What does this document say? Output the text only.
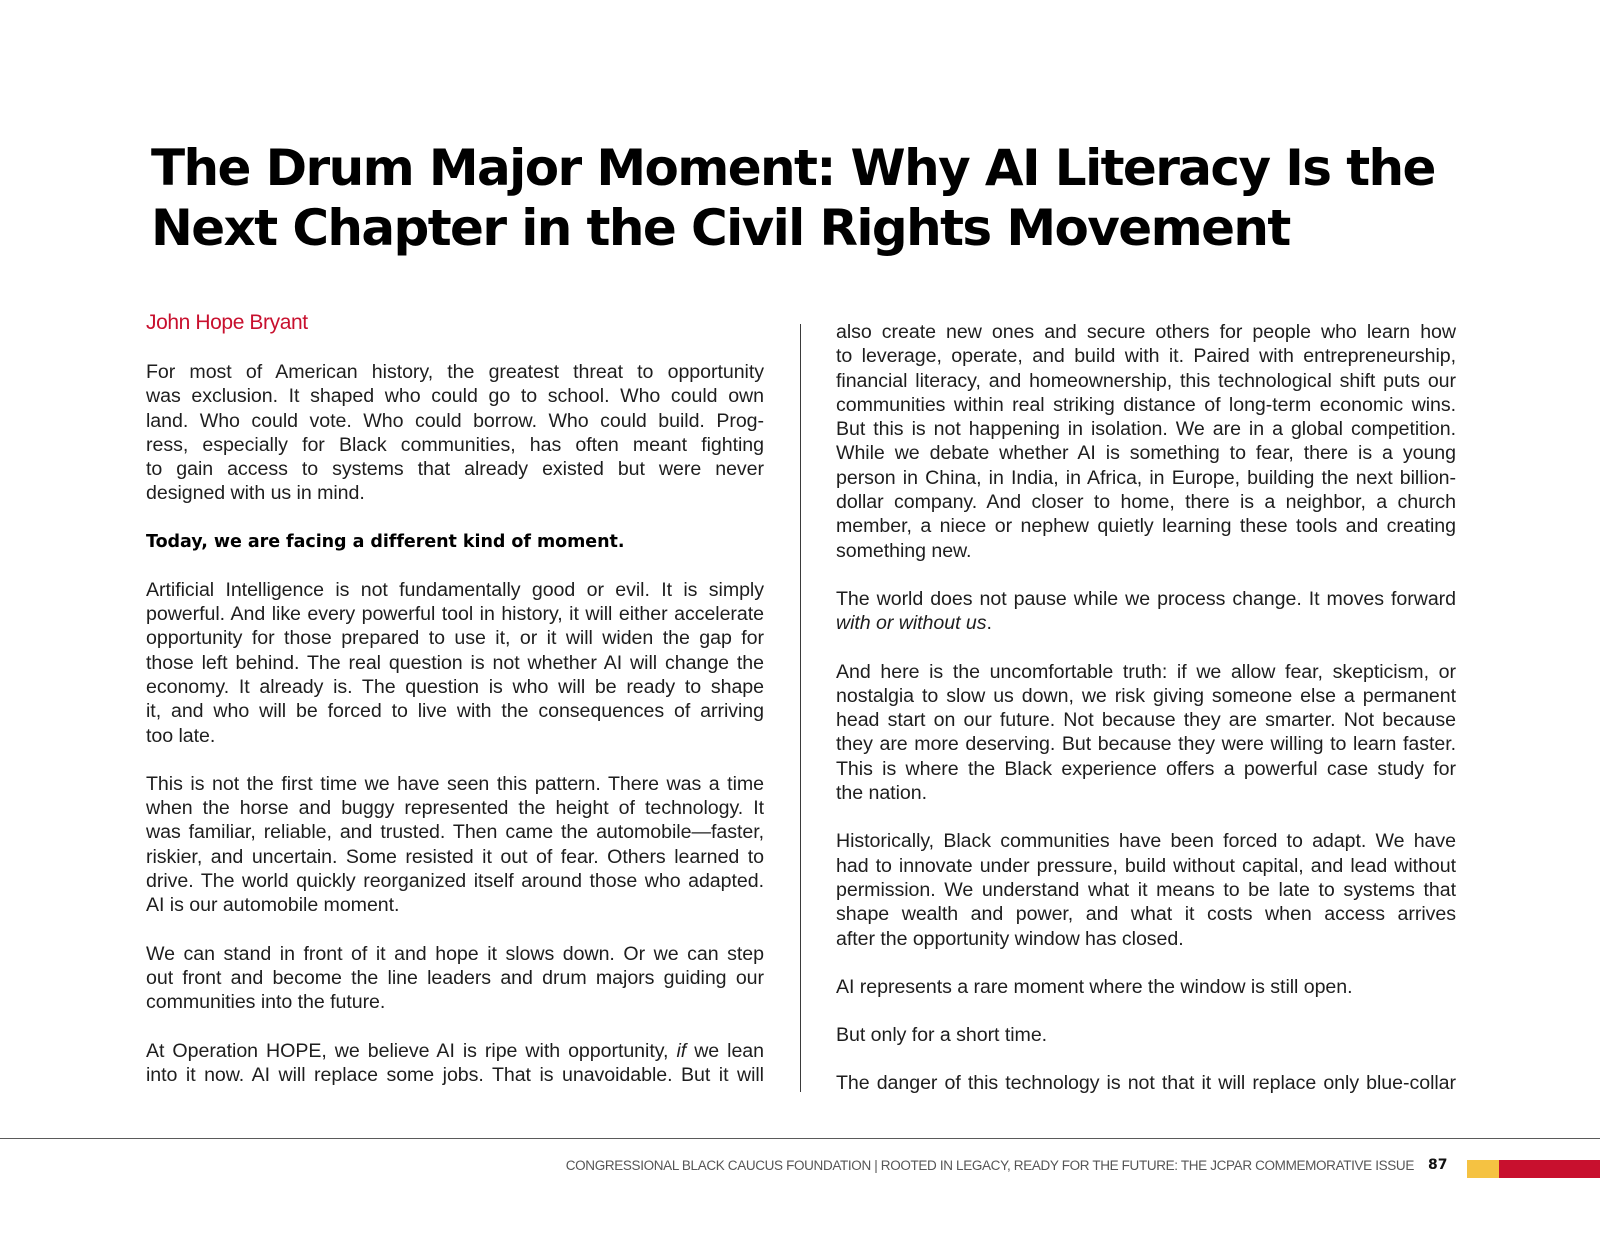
The Drum Major Moment: Why AI Literacy Is the
Next Chapter in the Civil Rights Movement
John Hope Bryant

For most of American history, the greatest threat to opportunity
was exclusion. It shaped who could go to school. Who could own
land. Who could vote. Who could borrow. Who could build. Prog-
ress, especially for Black communities, has often meant fighting
to gain access to systems that already existed but were never
designed with us in mind.

Today, we are facing a different kind of moment.

Artificial Intelligence is not fundamentally good or evil. It is simply
powerful. And like every powerful tool in history, it will either accelerate
opportunity for those prepared to use it, or it will widen the gap for
those left behind. The real question is not whether AI will change the
economy. It already is. The question is who will be ready to shape
it, and who will be forced to live with the consequences of arriving
too late.

This is not the first time we have seen this pattern. There was a time
when the horse and buggy represented the height of technology. It
was familiar, reliable, and trusted. Then came the automobile—faster,
riskier, and uncertain. Some resisted it out of fear. Others learned to
drive. The world quickly reorganized itself around those who adapted.
AI is our automobile moment.

We can stand in front of it and hope it slows down. Or we can step
out front and become the line leaders and drum majors guiding our
communities into the future.

At Operation HOPE, we believe AI is ripe with opportunity, if we lean
into it now. AI will replace some jobs. That is unavoidable. But it will

also create new ones and secure others for people who learn how
to leverage, operate, and build with it. Paired with entrepreneurship,
financial literacy, and homeownership, this technological shift puts our
communities within real striking distance of long-term economic wins.
But this is not happening in isolation. We are in a global competition.
While we debate whether AI is something to fear, there is a young
person in China, in India, in Africa, in Europe, building the next billion-
dollar company. And closer to home, there is a neighbor, a church
member, a niece or nephew quietly learning these tools and creating
something new.

The world does not pause while we process change. It moves forward
with or without us.

And here is the uncomfortable truth: if we allow fear, skepticism, or
nostalgia to slow us down, we risk giving someone else a permanent
head start on our future. Not because they are smarter. Not because
they are more deserving. But because they were willing to learn faster.
This is where the Black experience offers a powerful case study for
the nation.

Historically, Black communities have been forced to adapt. We have
had to innovate under pressure, build without capital, and lead without
permission. We understand what it means to be late to systems that
shape wealth and power, and what it costs when access arrives
after the opportunity window has closed.

AI represents a rare moment where the window is still open.

But only for a short time.

The danger of this technology is not that it will replace only blue-collar

CONGRESSIONAL BLACK CAUCUS FOUNDATION | ROOTED IN LEGACY, READY FOR THE FUTURE: THE JCPAR COMMEMORATIVE ISSUE 87
